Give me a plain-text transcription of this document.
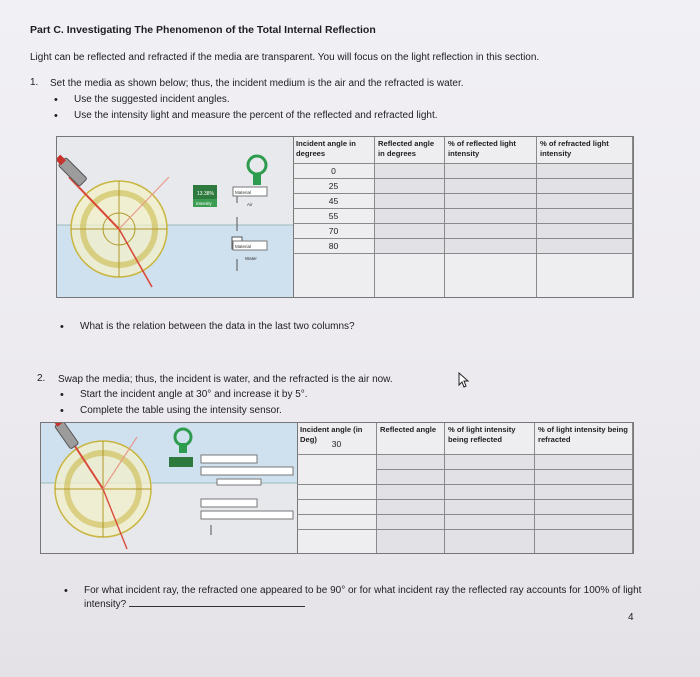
Part C. Investigating The Phenomenon of the Total Internal Reflection
Light can be reflected and refracted if the media are transparent. You will focus on the light reflection in this section.
1. Set the media as shown below; thus, the incident medium is the air and the refracted is water.
• Use the suggested incident angles.
• Use the intensity light and measure the percent of the reflected and refracted light.
13.38%
Intensity
Material
Air
Material
Water
Incident angle in degrees
Reflected angle in degrees
% of reflected light intensity
% of refracted light intensity
0
25
45
55
70
80
• What is the relation between the data in the last two columns?
2. Swap the media; thus, the incident is water, and the refracted is the air now.
• Start the incident angle at 30° and increase it by 5°.
• Complete the table using the intensity sensor.
Incident angle (in Deg)
Reflected angle	% of light intensity being reflected
% of light intensity being refracted
30
• For what incident ray, the refracted one appeared to be 90° or for what incident ray the reflected ray accounts for 100% of light intensity?
4
